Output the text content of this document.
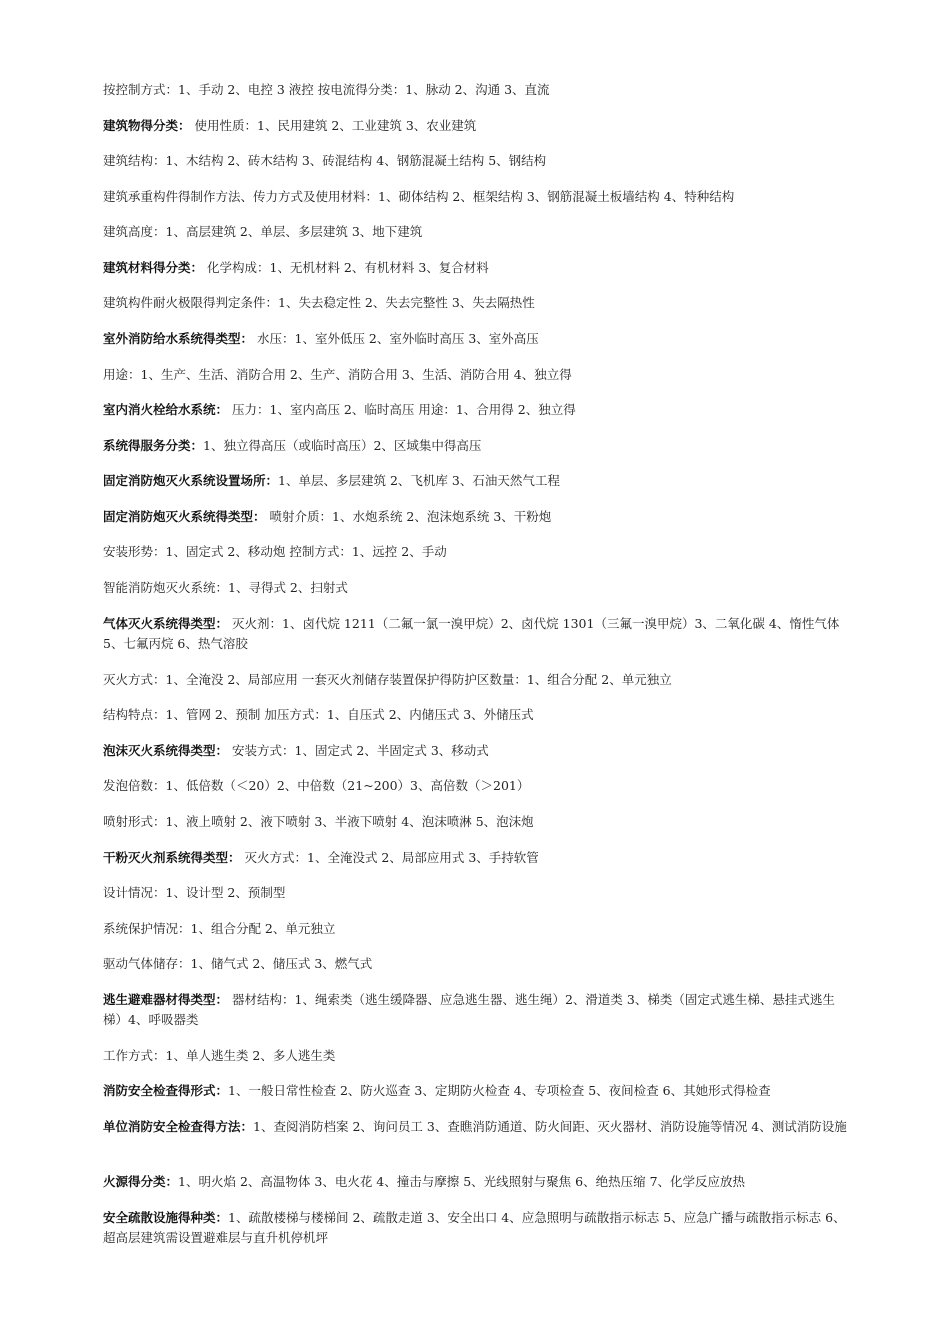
按控制方式：1、手动 2、电控 3 液控 按电流得分类：1、脉动 2、沟通 3、直流

建筑物得分类： 使用性质：1、民用建筑 2、工业建筑 3、农业建筑

建筑结构：1、木结构 2、砖木结构 3、砖混结构 4、钢筋混凝土结构 5、钢结构

建筑承重构件得制作方法、传力方式及使用材料：1、砌体结构 2、框架结构 3、钢筋混凝土板墙结构 4、特种结构

建筑高度：1、高层建筑 2、单层、多层建筑 3、地下建筑

建筑材料得分类： 化学构成：1、无机材料 2、有机材料 3、复合材料

建筑构件耐火极限得判定条件：1、失去稳定性 2、失去完整性 3、失去隔热性

室外消防给水系统得类型： 水压：1、室外低压 2、室外临时高压 3、室外高压

用途：1、生产、生活、消防合用 2、生产、消防合用 3、生活、消防合用 4、独立得

室内消火栓给水系统： 压力：1、室内高压 2、临时高压 用途：1、合用得 2、独立得

系统得服务分类：1、独立得高压（或临时高压）2、区域集中得高压

固定消防炮灭火系统设置场所：1、单层、多层建筑 2、飞机库 3、石油天然气工程

固定消防炮灭火系统得类型： 喷射介质：1、水炮系统 2、泡沫炮系统 3、干粉炮

安装形势：1、固定式 2、移动炮 控制方式：1、远控 2、手动

智能消防炮灭火系统：1、寻得式 2、扫射式

气体灭火系统得类型： 灭火剂：1、卤代烷 1211（二氟一氯一溴甲烷）2、卤代烷 1301（三氟一溴甲烷）3、二氧化碳 4、惰性气体 5、七氟丙烷 6、热气溶胶

灭火方式：1、全淹没 2、局部应用 一套灭火剂储存装置保护得防护区数量：1、组合分配 2、单元独立

结构特点：1、管网 2、预制 加压方式：1、自压式 2、内储压式 3、外储压式

泡沫灭火系统得类型： 安装方式：1、固定式 2、半固定式 3、移动式

发泡倍数：1、低倍数（＜20）2、中倍数（21~200）3、高倍数（＞201）

喷射形式：1、液上喷射 2、液下喷射 3、半液下喷射 4、泡沫喷淋 5、泡沫炮

干粉灭火剂系统得类型： 灭火方式：1、全淹没式 2、局部应用式 3、手持软管

设计情况：1、设计型 2、预制型

系统保护情况：1、组合分配 2、单元独立

驱动气体储存：1、储气式 2、储压式 3、燃气式

逃生避难器材得类型： 器材结构：1、绳索类（逃生缓降器、应急逃生器、逃生绳）2、滑道类 3、梯类（固定式逃生梯、悬挂式逃生梯）4、呼吸器类

工作方式：1、单人逃生类 2、多人逃生类

消防安全检查得形式：1、一般日常性检查 2、防火巡查 3、定期防火检查 4、专项检查 5、夜间检查 6、其她形式得检查

单位消防安全检查得方法：1、查阅消防档案 2、询问员工 3、查瞧消防通道、防火间距、灭火器材、消防设施等情况 4、测试消防设施

火源得分类：1、明火焰 2、高温物体 3、电火花 4、撞击与摩擦 5、光线照射与聚焦 6、绝热压缩 7、化学反应放热

安全疏散设施得种类：1、疏散楼梯与楼梯间 2、疏散走道 3、安全出口 4、应急照明与疏散指示标志 5、应急广播与疏散指示标志 6、超高层建筑需设置避难层与直升机停机坪
